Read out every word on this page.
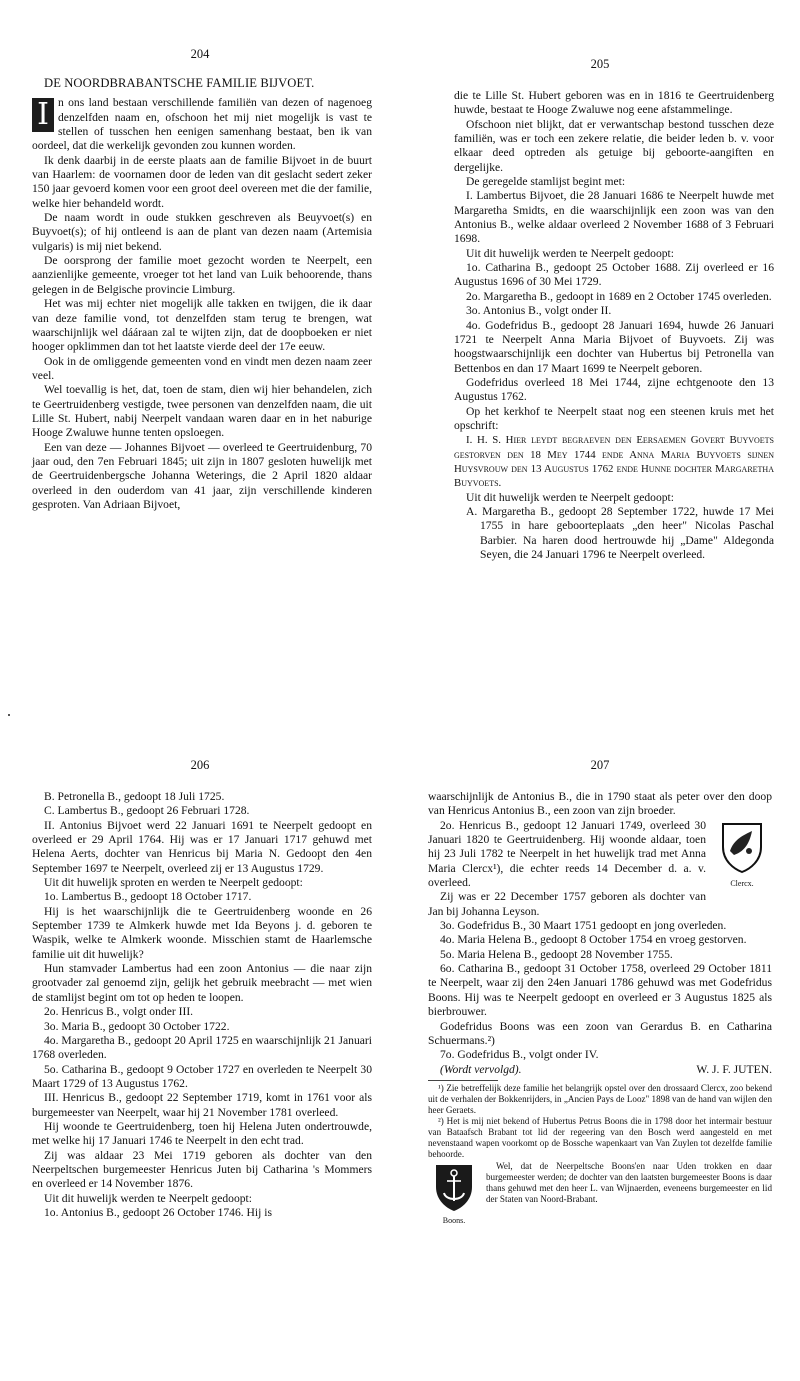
204

DE NOORDBRABANTSCHE FAMILIE BIJVOET.

I n ons land bestaan verschillende familiën van dezen of nagenoeg denzelfden naam en, ofschoon het mij niet mogelijk is vast te stellen of tusschen hen eenigen samenhang bestaat, ben ik van oordeel, dat die werkelijk gevonden zou kunnen worden.

Ik denk daarbij in de eerste plaats aan de familie Bijvoet in de buurt van Haarlem: de voornamen door de leden van dit geslacht sedert zeker 150 jaar gevoerd komen voor een groot deel overeen met die der familie, welke hier behandeld wordt.

De naam wordt in oude stukken geschreven als Beuyvoet(s) en Buyvoet(s); of hij ontleend is aan de plant van dezen naam (Artemisia vulgaris) is mij niet bekend.

De oorsprong der familie moet gezocht worden te Neerpelt, een aanzienlijke gemeente, vroeger tot het land van Luik behoorende, thans gelegen in de Belgische provincie Limburg.

Het was mij echter niet mogelijk alle takken en twijgen, die ik daar van deze familie vond, tot denzelfden stam terug te brengen, wat waarschijnlijk wel dááraan zal te wijten zijn, dat de doopboeken er niet hooger opklimmen dan tot het laatste vierde deel der 17e eeuw.

Ook in de omliggende gemeenten vond en vindt men dezen naam zeer veel.

Wel toevallig is het, dat, toen de stam, dien wij hier behandelen, zich te Geertruidenberg vestigde, twee personen van denzelfden naam, die uit Lille St. Hubert, nabij Neerpelt vandaan waren daar en in het naburige Hooge Zwaluwe hunne tenten opsloegen.

Een van deze — Johannes Bijvoet — overleed te Geertruidenburg, 70 jaar oud, den 7en Februari 1845; uit zijn in 1807 gesloten huwelijk met de Geertruidenbergsche Johanna Weterings, die 2 April 1820 aldaar overleed in den ouderdom van 41 jaar, zijn verschillende kinderen gesproten. Van Adriaan Bijvoet,

205

die te Lille St. Hubert geboren was en in 1816 te Geertruidenberg huwde, bestaat te Hooge Zwaluwe nog eene afstammelinge.

Ofschoon niet blijkt, dat er verwantschap bestond tusschen deze familiën, was er toch een zekere relatie, die beider leden b. v. voor elkaar deed optreden als getuige bij geboorte-aangiften en dergelijke.

De geregelde stamlijst begint met:

I. Lambertus Bijvoet, die 28 Januari 1686 te Neerpelt huwde met Margaretha Smidts, en die waarschijnlijk een zoon was van den Antonius B., welke aldaar overleed 2 November 1688 of 3 Februari 1698.

Uit dit huwelijk werden te Neerpelt gedoopt:

1o. Catharina B., gedoopt 25 October 1688. Zij overleed er 16 Augustus 1696 of 30 Mei 1729.

2o. Margaretha B., gedoopt in 1689 en 2 October 1745 overleden.

3o. Antonius B., volgt onder II.

4o. Godefridus B., gedoopt 28 Januari 1694, huwde 26 Januari 1721 te Neerpelt Anna Maria Bijvoet of Buyvoets. Zij was hoogstwaarschijnlijk een dochter van Hubertus bij Petronella van Bettenbos en dan 17 Maart 1699 te Neerpelt geboren.

Godefridus overleed 18 Mei 1744, zijne echtgenoote den 13 Augustus 1762.

Op het kerkhof te Neerpelt staat nog een steenen kruis met het opschrift:

I. H. S. Hier leydt begraeven den Eersaemen Govert Buyvoets gestorven den 18 Mey 1744 ende Anna Maria Buyvoets sijnen Huysvrouw den 13 Augustus 1762 ende Hunne dochter Margaretha Buyvoets.

Uit dit huwelijk werden te Neerpelt gedoopt:

A. Margaretha B., gedoopt 28 September 1722, huwde 17 Mei 1755 in hare geboorteplaats „den heer" Nicolas Paschal Barbier. Na haren dood hertrouwde hij „Dame" Aldegonda Seyen, die 24 Januari 1796 te Neerpelt overleed.

206

B. Petronella B., gedoopt 18 Juli 1725.

C. Lambertus B., gedoopt 26 Februari 1728.

II. Antonius Bijvoet werd 22 Januari 1691 te Neerpelt gedoopt en overleed er 29 April 1764. Hij was er 17 Januari 1717 gehuwd met Helena Aerts, dochter van Henricus bij Maria N. Gedoopt den 4en September 1697 te Neerpelt, overleed zij er 13 Augustus 1729.

Uit dit huwelijk sproten en werden te Neerpelt gedoopt:

1o. Lambertus B., gedoopt 18 October 1717.

Hij is het waarschijnlijk die te Geertruidenberg woonde en 26 September 1739 te Almkerk huwde met Ida Beyons j. d. geboren te Waspik, welke te Almkerk woonde. Misschien stamt de Haarlemsche familie uit dit huwelijk?

Hun stamvader Lambertus had een zoon Antonius — die naar zijn grootvader zal genoemd zijn, gelijk het gebruik meebracht — met wien de stamlijst begint om tot op heden te loopen.

2o. Henricus B., volgt onder III.

3o. Maria B., gedoopt 30 October 1722.

4o. Margaretha B., gedoopt 20 April 1725 en waarschijnlijk 21 Januari 1768 overleden.

5o. Catharina B., gedoopt 9 October 1727 en overleden te Neerpelt 30 Maart 1729 of 13 Augustus 1762.

III. Henricus B., gedoopt 22 September 1719, komt in 1761 voor als burgemeester van Neerpelt, waar hij 21 November 1781 overleed.

Hij woonde te Geertruidenberg, toen hij Helena Juten ondertrouwde, met welke hij 17 Januari 1746 te Neerpelt in den echt trad.

Zij was aldaar 23 Mei 1719 geboren als dochter van den Neerpeltschen burgemeester Henricus Juten bij Catharina 's Mommers en overleed er 14 November 1876.

Uit dit huwelijk werden te Neerpelt gedoopt:

1o. Antonius B., gedoopt 26 October 1746. Hij is

207

waarschijnlijk de Antonius B., die in 1790 staat als peter over den doop van Henricus Antonius B., een zoon van zijn broeder.

Clercx.

2o. Henricus B., gedoopt 12 Januari 1749, overleed 30 Januari 1820 te Geertruidenberg. Hij woonde aldaar, toen hij 23 Juli 1782 te Neerpelt in het huwelijk trad met Anna Maria Clercx¹), die echter reeds 14 December d. a. v. overleed.

Zij was er 22 December 1757 geboren als dochter van Jan bij Johanna Leyson.

3o. Godefridus B., 30 Maart 1751 gedoopt en jong overleden.

4o. Maria Helena B., gedoopt 8 October 1754 en vroeg gestorven.

5o. Maria Helena B., gedoopt 28 November 1755.

6o. Catharina B., gedoopt 31 October 1758, overleed 29 October 1811 te Neerpelt, waar zij den 24en Januari 1786 gehuwd was met Godefridus Boons. Hij was te Neerpelt gedoopt en overleed er 3 Augustus 1825 als bierbrouwer.

Godefridus Boons was een zoon van Gerardus B. en Catharina Schuermans.²)

7o. Godefridus B., volgt onder IV.

(Wordt vervolgd).	W. J. F. JUTEN.

¹) Zie betreffelijk deze familie het belangrijk opstel over den drossaard Clercx, zoo bekend uit de verhalen der Bokkenrijders, in „Ancien Pays de Looz" 1898 van de hand van wijlen den heer Geraets.

²) Het is mij niet bekend of Hubertus Petrus Boons die in 1798 door het intermair bestuur van Bataafsch Brabant tot lid der regeering van den Bosch werd aangesteld en met nevenstaand wapen voorkomt op de Bossche wapenkaart van Van Zuylen tot dezelfde familie behoorde.

Boons.

Wel, dat de Neerpeltsche Boons'en naar Uden trokken en daar burgemeester werden; de dochter van den laatsten burgemeester Boons is daar thans gehuwd met den heer L. van Wijnaerden, eveneens burgemeester en lid der Staten van Noord-Brabant.
